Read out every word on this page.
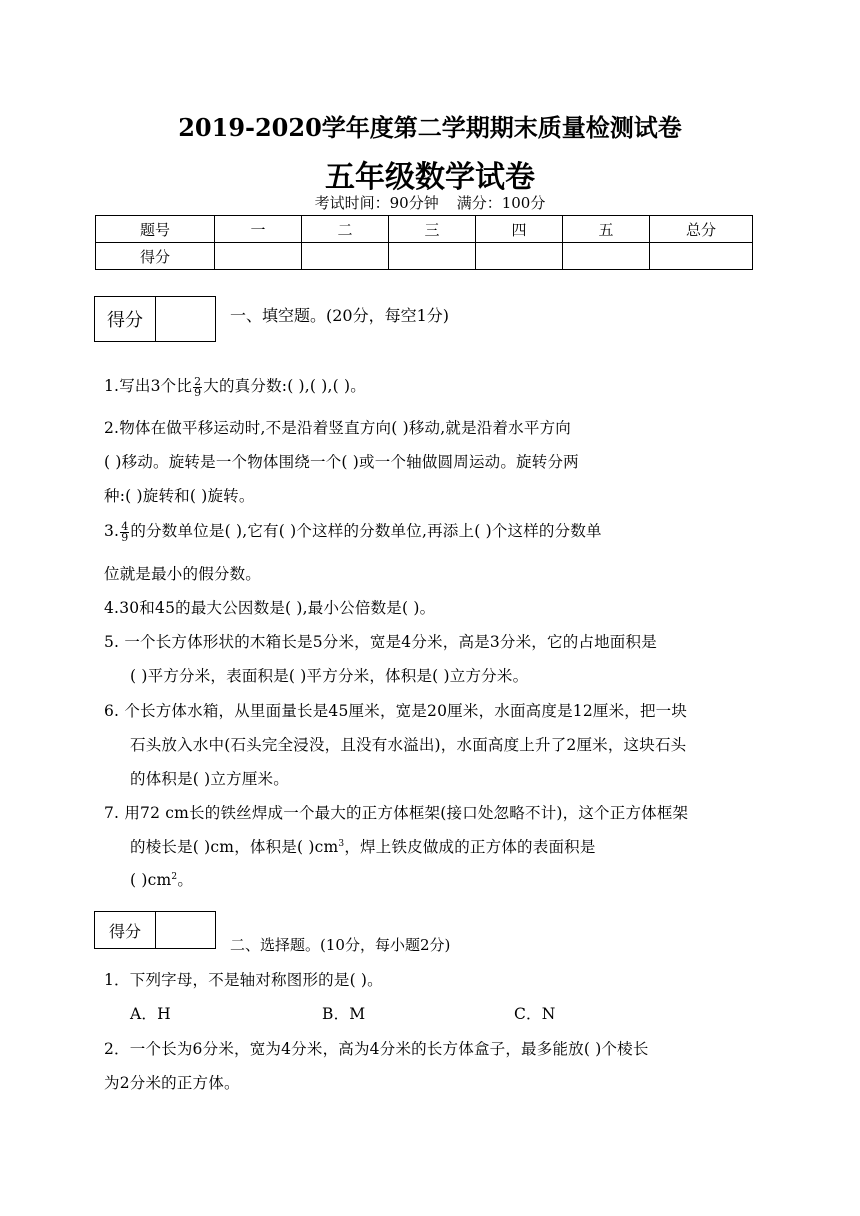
2019-2020学年度第二学期期末质量检测试卷
五年级数学试卷
考试时间：90分钟 满分：100分
题号	一	二	三	四	五	总分
得分						
得分	一、填空题。(20分，每空1分)
1.写出3个比 $\frac{2}{9}$ 大的真分数:( ),( ),( )。
2.物体在做平移运动时,不是沿着竖直方向( )移动,就是沿着水平方向
( )移动。旋转是一个物体围绕一个( )或一个轴做圆周运动。旋转分两
种:( )旋转和( )旋转。
3. $\frac{4}{9}$ 的分数单位是( ),它有( )个这样的分数单位,再添上( )个这样的分数单
位就是最小的假分数。
4.30和45的最大公因数是( ),最小公倍数是( )。
5. 一个长方体形状的木箱长是5分米，宽是4分米，高是3分米，它的占地面积是
( )平方分米，表面积是( )平方分米，体积是( )立方分米。
6. 个长方体水箱，从里面量长是45厘米，宽是20厘米，水面高度是12厘米，把一块
石头放入水中(石头完全浸没，且没有水溢出)，水面高度上升了2厘米，这块石头
的体积是( )立方厘米。
7. 用72 cm长的铁丝焊成一个最大的正方体框架(接口处忽略不计)，这个正方体框架
的棱长是( )cm，体积是( )$cm^3$，焊上铁皮做成的正方体的表面积是
( )$cm^2$。
得分
二、选择题。(10分，每小题2分)
1．下列字母，不是轴对称图形的是( )。
A．H	B．M	C．N
2．一个长为6分米，宽为4分米，高为4分米的长方体盒子，最多能放( )个棱长
为2分米的正方体。
